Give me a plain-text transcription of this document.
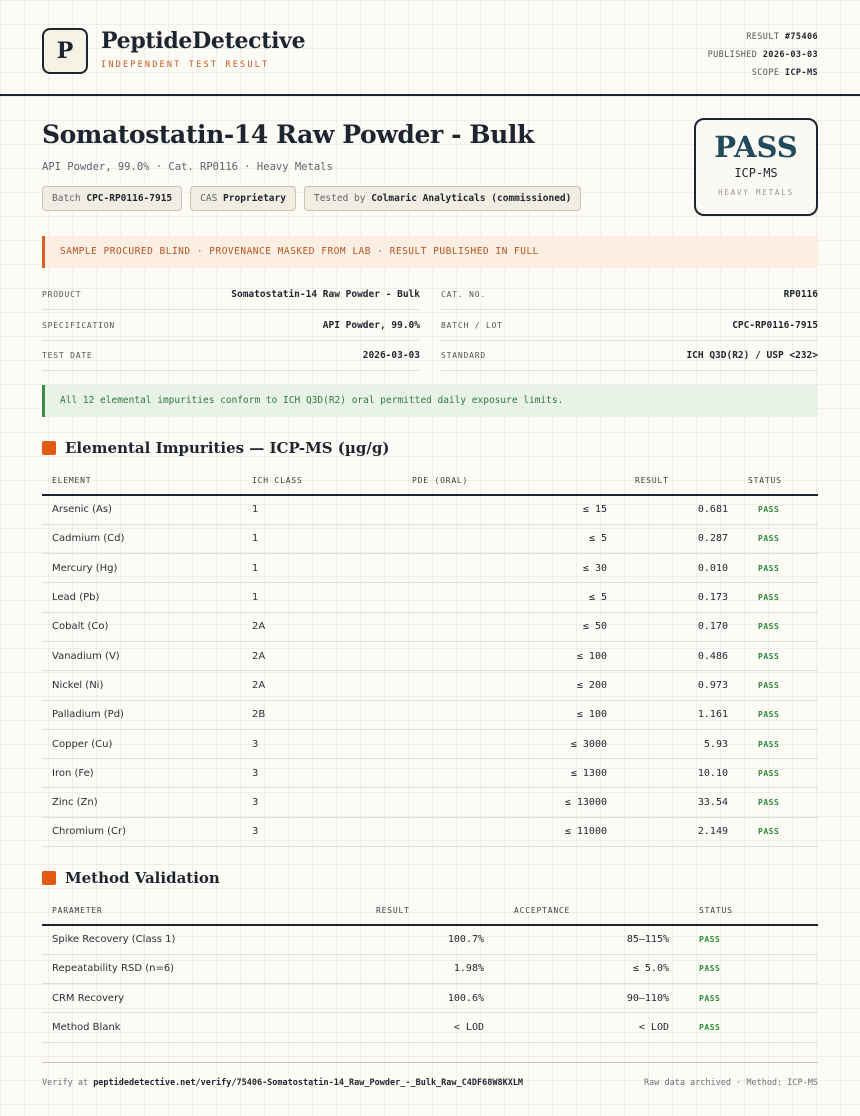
P PeptideDetective
INDEPENDENT TEST RESULT
RESULT #75406
PUBLISHED 2026-03-03
SCOPE ICP-MS
Somatostatin-14 Raw Powder - Bulk
API Powder, 99.0% · Cat. RP0116 · Heavy Metals
Batch CPC-RP0116-7915	CAS Proprietary	Tested by Colmaric Analyticals (commissioned)
PASS
ICP-MS
HEAVY METALS
SAMPLE PROCURED BLIND · PROVENANCE MASKED FROM LAB · RESULT PUBLISHED IN FULL
PRODUCT	Somatostatin-14 Raw Powder - Bulk	CAT. NO.	RP0116
SPECIFICATION	API Powder, 99.0%	BATCH / LOT	CPC-RP0116-7915
TEST DATE	2026-03-03	STANDARD	ICH Q3D(R2) / USP <232>
All 12 elemental impurities conform to ICH Q3D(R2) oral permitted daily exposure limits.
Elemental Impurities — ICP-MS (µg/g)
ELEMENT	ICH CLASS	PDE (ORAL)	RESULT	STATUS
Arsenic (As)	1	≤ 15	0.681	PASS
Cadmium (Cd)	1	≤ 5	0.287	PASS
Mercury (Hg)	1	≤ 30	0.010	PASS
Lead (Pb)	1	≤ 5	0.173	PASS
Cobalt (Co)	2A	≤ 50	0.170	PASS
Vanadium (V)	2A	≤ 100	0.486	PASS
Nickel (Ni)	2A	≤ 200	0.973	PASS
Palladium (Pd)	2B	≤ 100	1.161	PASS
Copper (Cu)	3	≤ 3000	5.93	PASS
Iron (Fe)	3	≤ 1300	10.10	PASS
Zinc (Zn)	3	≤ 13000	33.54	PASS
Chromium (Cr)	3	≤ 11000	2.149	PASS
Method Validation
PARAMETER	RESULT	ACCEPTANCE	STATUS
Spike Recovery (Class 1)	100.7%	85–115%	PASS
Repeatability RSD (n=6)	1.98%	≤ 5.0%	PASS
CRM Recovery	100.6%	90–110%	PASS
Method Blank	< LOD	< LOD	PASS
Verify at peptidedetective.net/verify/75406-Somatostatin-14_Raw_Powder_-_Bulk_Raw_C4DF68W8KXLM	Raw data archived · Method: ICP-MS
